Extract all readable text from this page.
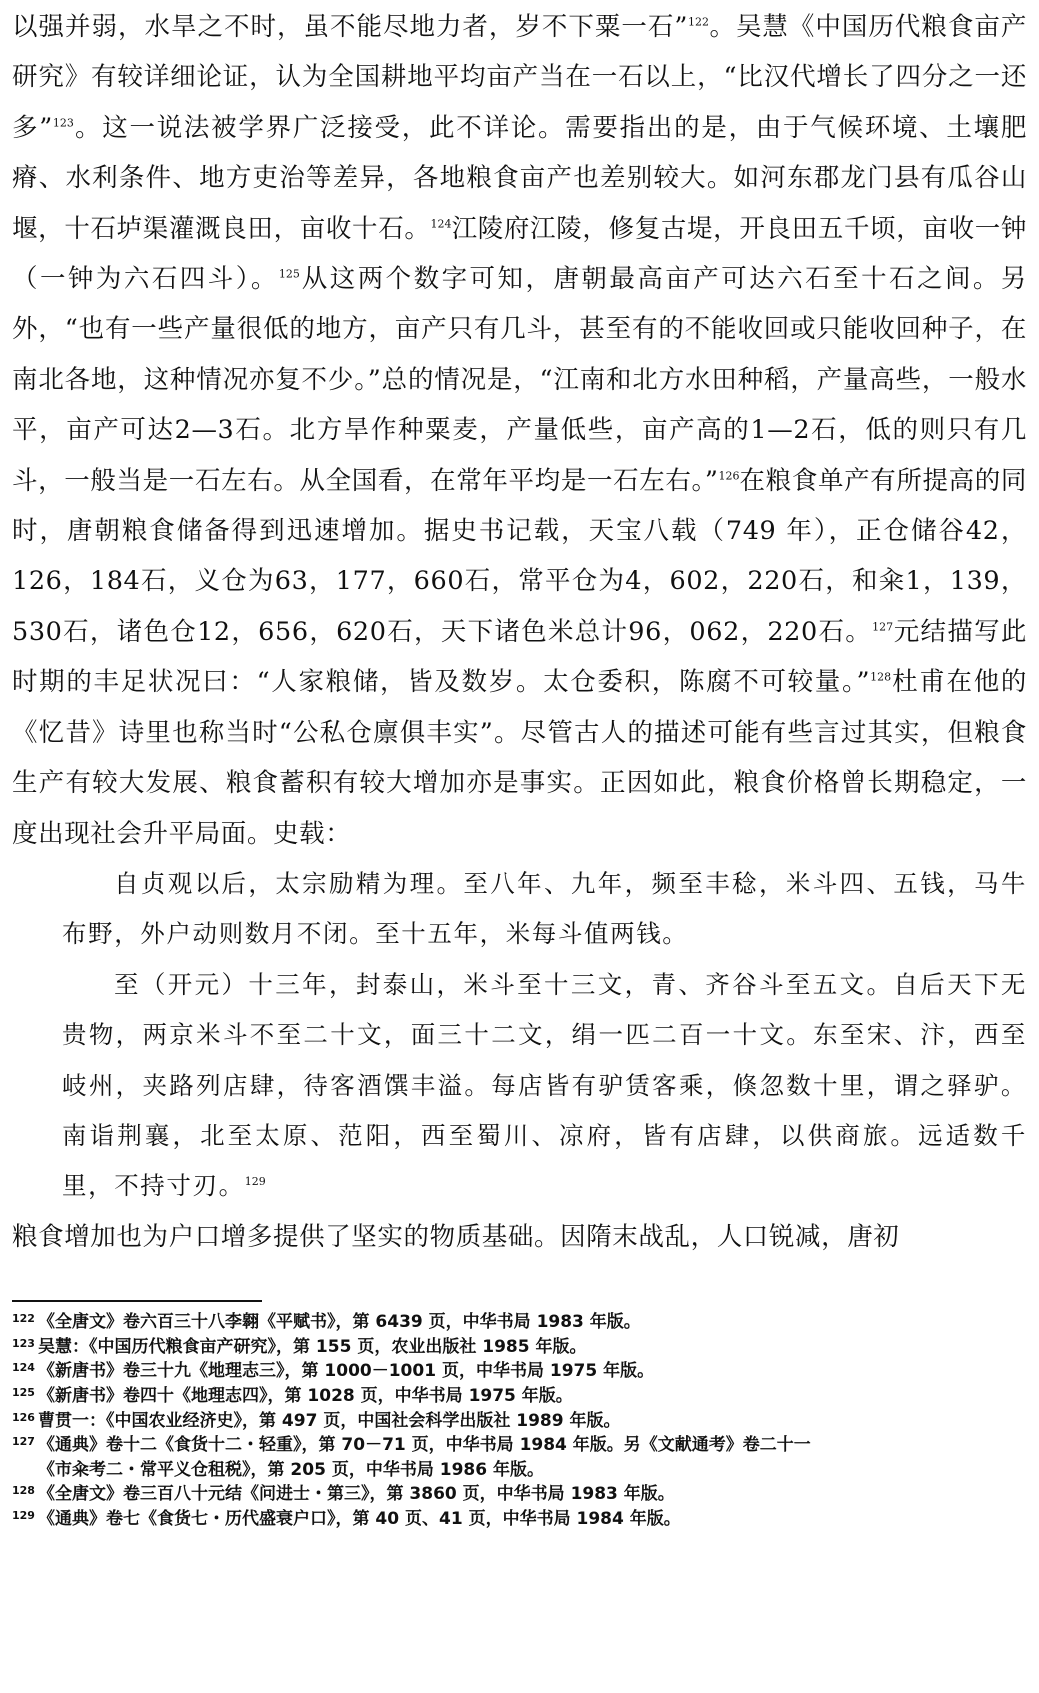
以强并弱，水旱之不时，虽不能尽地力者，岁不下粟一石”$^{122}$。吴慧《中国历代粮食亩产研究》有较详细论证，认为全国耕地平均亩产当在一石以上，“比汉代增长了四分之一还多”$^{123}$。这一说法被学界广泛接受，此不详论。需要指出的是，由于气候环境、土壤肥瘠、水利条件、地方吏治等差异，各地粮食亩产也差别较大。如河东郡龙门县有瓜谷山堰，十石垆渠灌溉良田，亩收十石。$^{124}$江陵府江陵，修复古堤，开良田五千顷，亩收一钟（一钟为六石四斗）。$^{125}$从这两个数字可知，唐朝最高亩产可达六石至十石之间。另外，“也有一些产量很低的地方，亩产只有几斗，甚至有的不能收回或只能收回种子，在南北各地，这种情况亦复不少。”总的情况是，“江南和北方水田种稻，产量高些，一般水平，亩产可达2—3石。北方旱作种粟麦，产量低些，亩产高的1—2石，低的则只有几斗，一般当是一石左右。从全国看，在常年平均是一石左右。”$^{126}$在粮食单产有所提高的同时，唐朝粮食储备得到迅速增加。据史书记载，天宝八载（749 年），正仓储谷42，126，184石，义仓为63，177，660石，常平仓为4，602，220石，和籴1，139，530石，诸色仓12，656，620石，天下诸色米总计96，062，220石。$^{127}$元结描写此时期的丰足状况曰：“人家粮储，皆及数岁。太仓委积，陈腐不可较量。”$^{128}$杜甫在他的《忆昔》诗里也称当时“公私仓廪俱丰实”。尽管古人的描述可能有些言过其实，但粮食生产有较大发展、粮食蓄积有较大增加亦是事实。正因如此，粮食价格曾长期稳定，一度出现社会升平局面。史载：

自贞观以后，太宗励精为理。至八年、九年，频至丰稔，米斗四、五钱，马牛布野，外户动则数月不闭。至十五年，米每斗值两钱。

至（开元）十三年，封泰山，米斗至十三文，青、齐谷斗至五文。自后天下无贵物，两京米斗不至二十文，面三十二文，绢一匹二百一十文。东至宋、汴，西至岐州，夹路列店肆，待客酒馔丰溢。每店皆有驴赁客乘，倏忽数十里，谓之驿驴。南诣荆襄，北至太原、范阳，西至蜀川、凉府，皆有店肆，以供商旅。远适数千里，不持寸刃。$^{129}$

粮食增加也为户口增多提供了坚实的物质基础。因隋末战乱，人口锐减，唐初

122 《全唐文》卷六百三十八李翱《平赋书》，第 6439 页，中华书局 1983 年版。
123 吴慧：《中国历代粮食亩产研究》，第 155 页，农业出版社 1985 年版。
124 《新唐书》卷三十九《地理志三》，第 1000－1001 页，中华书局 1975 年版。
125 《新唐书》卷四十《地理志四》，第 1028 页，中华书局 1975 年版。
126 曹贯一：《中国农业经济史》，第 497 页，中国社会科学出版社 1989 年版。
127 《通典》卷十二《食货十二・轻重》，第 70－71 页，中华书局 1984 年版。另《文献通考》卷二十一
《市籴考二・常平义仓租税》，第 205 页，中华书局 1986 年版。
128 《全唐文》卷三百八十元结《问进士・第三》，第 3860 页，中华书局 1983 年版。
129 《通典》卷七《食货七・历代盛衰户口》，第 40 页、41 页，中华书局 1984 年版。
